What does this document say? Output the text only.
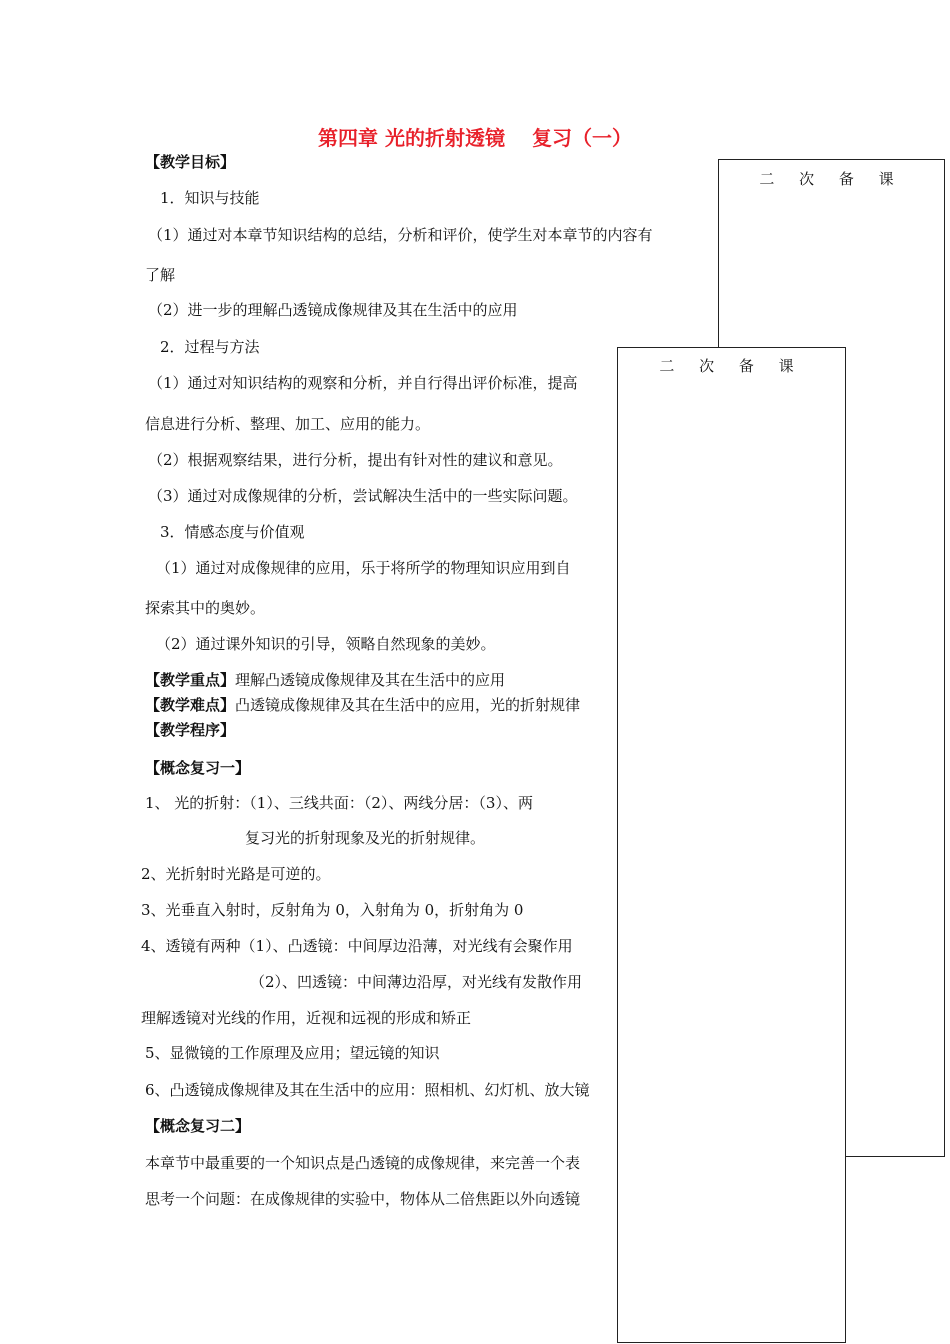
第四章 光的折射透镜　 复习（一）
【教学目标】
1．知识与技能
（1）通过对本章节知识结构的总结，分析和评价，使学生对本章节的内容有
了解
（2）进一步的理解凸透镜成像规律及其在生活中的应用
2．过程与方法
（1）通过对知识结构的观察和分析，并自行得出评价标准，提高
信息进行分析、整理、加工、应用的能力。
（2）根据观察结果，进行分析，提出有针对性的建议和意见。
（3）通过对成像规律的分析，尝试解决生活中的一些实际问题。
3．情感态度与价值观
（1）通过对成像规律的应用，乐于将所学的物理知识应用到自
探索其中的奥妙。
（2）通过课外知识的引导，领略自然现象的美妙。
【教学重点】理解凸透镜成像规律及其在生活中的应用
【教学难点】凸透镜成像规律及其在生活中的应用，光的折射规律
【教学程序】
【概念复习一】
1、 光的折射：（1）、三线共面：（2）、两线分居：（3）、两
复习光的折射现象及光的折射规律。
2、光折射时光路是可逆的。
3、光垂直入射时，反射角为 0，入射角为 0，折射角为 0
4、透镜有两种（1）、凸透镜：中间厚边沿薄，对光线有会聚作用
（2）、凹透镜：中间薄边沿厚，对光线有发散作用
理解透镜对光线的作用，近视和远视的形成和矫正
5、显微镜的工作原理及应用；望远镜的知识
6、凸透镜成像规律及其在生活中的应用：照相机、幻灯机、放大镜
【概念复习二】
本章节中最重要的一个知识点是凸透镜的成像规律，来完善一个表
思考一个问题：在成像规律的实验中，物体从二倍焦距以外向透镜
二 次 备 课
二 次 备 课
